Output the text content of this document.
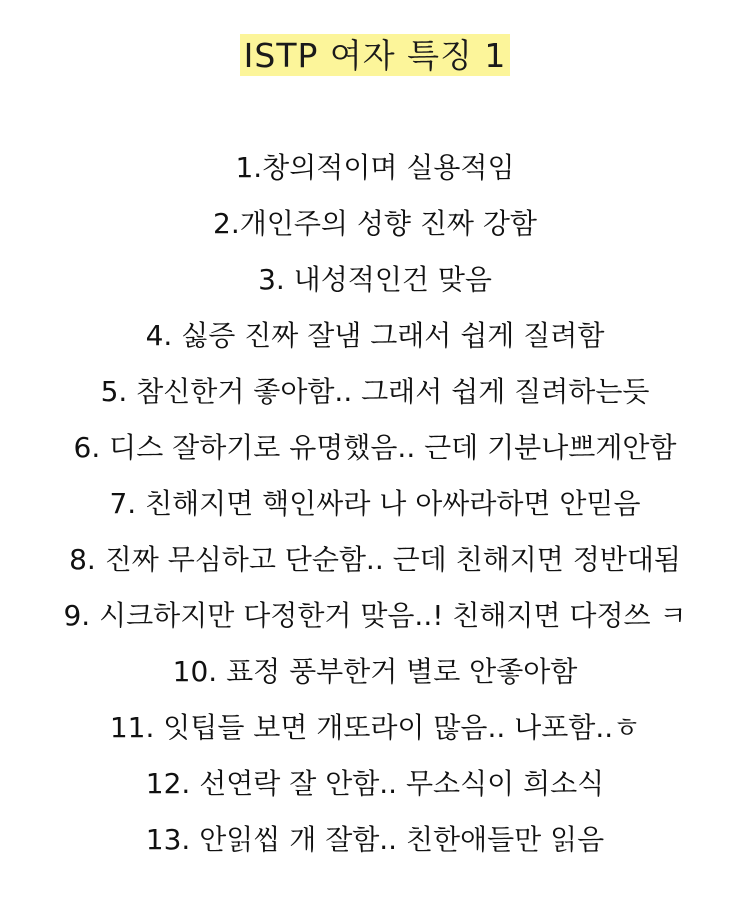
ISTP 여자 특징 1
1.창의적이며 실용적임
2.개인주의 성향 진짜 강함
3. 내성적인건 맞음
4. 싫증 진짜 잘냄 그래서 쉽게 질려함
5. 참신한거 좋아함.. 그래서 쉽게 질려하는듯
6. 디스 잘하기로 유명했음.. 근데 기분나쁘게안함
7. 친해지면 핵인싸라 나 아싸라하면 안믿음
8. 진짜 무심하고 단순함.. 근데 친해지면 정반대됨
9. 시크하지만 다정한거 맞음..! 친해지면 다정쓰 ㅋ
10. 표정 풍부한거 별로 안좋아함
11. 잇팁들 보면 개또라이 많음.. 나포함..ㅎ
12. 선연락 잘 안함.. 무소식이 희소식
13. 안읽씹 개 잘함.. 친한애들만 읽음
